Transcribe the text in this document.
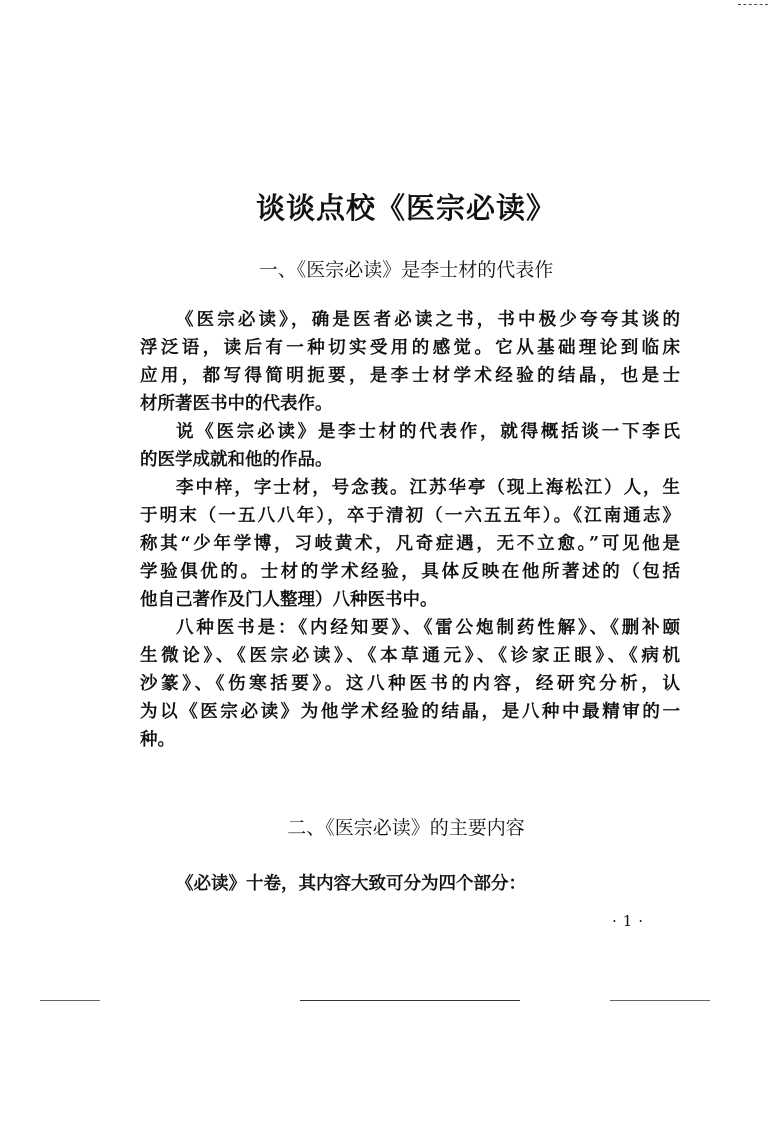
谈谈点校《医宗必读》
一、《医宗必读》是李士材的代表作
《医宗必读》，确是医者必读之书，书中极少夸夸其谈的
浮泛语，读后有一种切实受用的感觉。它从基础理论到临床
应用，都写得简明扼要，是李士材学术经验的结晶，也是士
材所著医书中的代表作。
说《医宗必读》是李士材的代表作，就得概括谈一下李氏
的医学成就和他的作品。
李中梓，字士材，号念莪。江苏华亭（现上海松江）人，生
于明末（一五八八年），卒于清初（一六五五年）。《江南通志》
称其“少年学博，习岐黄术，凡奇症遇，无不立愈。”可见他是
学验俱优的。士材的学术经验，具体反映在他所著述的（包括
他自己著作及门人整理）八种医书中。
八种医书是：《内经知要》、《雷公炮制药性解》、《删补颐
生微论》、《医宗必读》、《本草通元》、《诊家正眼》、《病机
沙篆》、《伤寒括要》。这八种医书的内容，经研究分析，认
为以《医宗必读》为他学术经验的结晶，是八种中最精审的一
种。
二、《医宗必读》的主要内容
《必读》十卷，其内容大致可分为四个部分：
·1·
